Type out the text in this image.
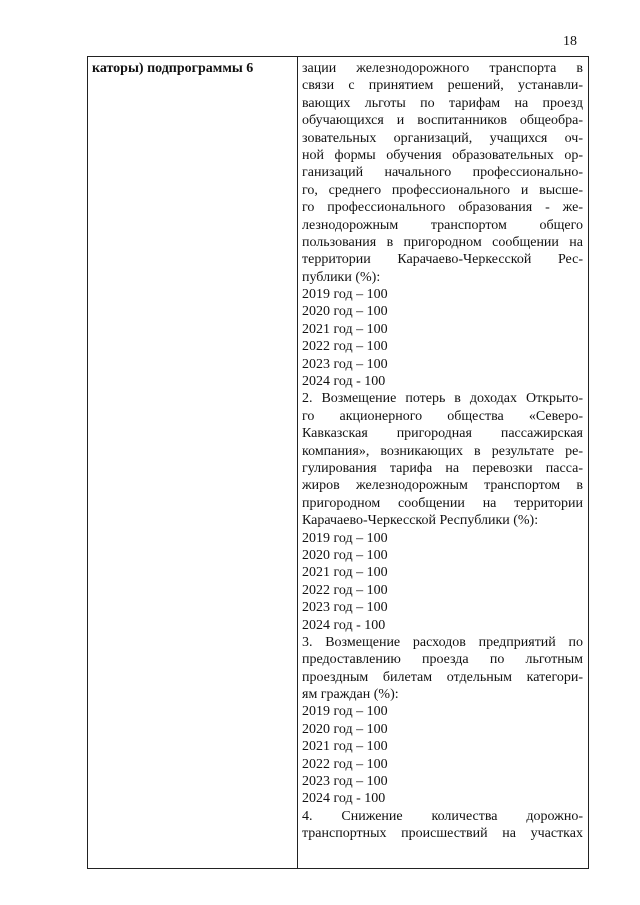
18
каторы) подпрограммы 6	зации железнодорожного транспорта в
связи с принятием решений, устанавли-
вающих льготы по тарифам на проезд
обучающихся и воспитанников общеобра-
зовательных организаций, учащихся оч-
ной формы обучения образовательных ор-
ганизаций начального профессионально-
го, среднего профессионального и высше-
го профессионального образования - же-
лезнодорожным транспортом общего
пользования в пригородном сообщении на
территории Карачаево-Черкесской Рес-
публики (%):
2019 год – 100
2020 год – 100
2021 год – 100
2022 год – 100
2023 год – 100
2024 год - 100
2. Возмещение потерь в доходах Открыто-
го акционерного общества «Северо-
Кавказская пригородная пассажирская
компания», возникающих в результате ре-
гулирования тарифа на перевозки пасса-
жиров железнодорожным транспортом в
пригородном сообщении на территории
Карачаево-Черкесской Республики (%):
2019 год – 100
2020 год – 100
2021 год – 100
2022 год – 100
2023 год – 100
2024 год - 100
3. Возмещение расходов предприятий по
предоставлению проезда по льготным
проездным билетам отдельным категори-
ям граждан (%):
2019 год – 100
2020 год – 100
2021 год – 100
2022 год – 100
2023 год – 100
2024 год - 100
4. Снижение количества дорожно-
транспортных происшествий на участках
